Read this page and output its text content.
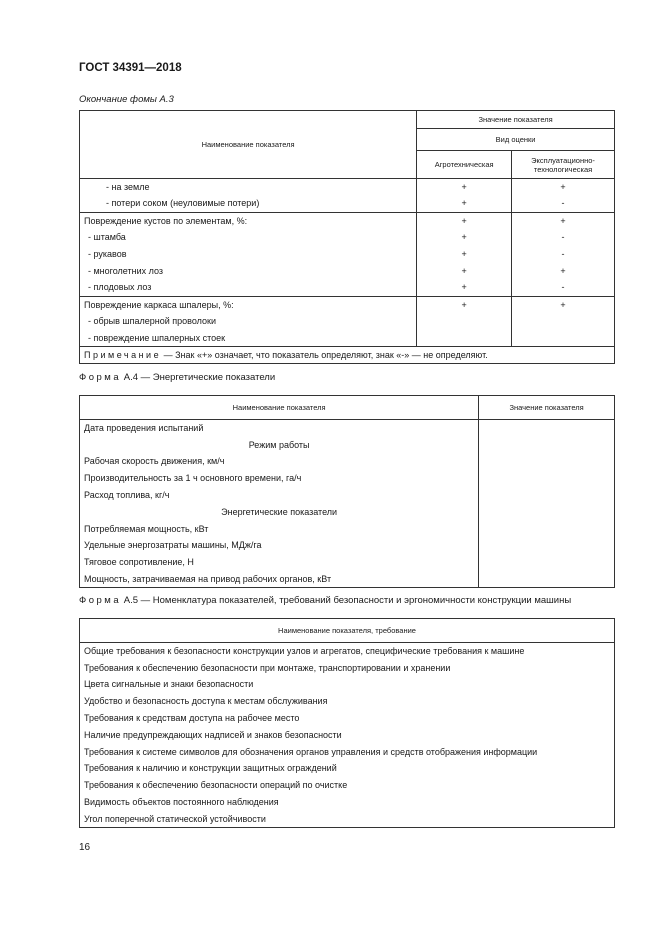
ГОСТ 34391—2018
Окончание фомы А.3
Наименование показателя	Значение показателя	
	Вид оценки	
	Агротехническая	Эксплуатационно-
технологическая

- на земле	+	+
- потери соком (неуловимые потери)	+	-
Повреждение кустов по элементам, %:	+	+
- штамба	+	-
- рукавов	+	-
- многолетних лоз	+	+
- плодовых лоз	+	-
Повреждение каркаса шпалеры, %:	+	+
- обрыв шпалерной проволоки		
- повреждение шпалерных стоек		
Примечание — Знак «+» означает, что показатель определяют, знак «-» — не определяют.		
Форма А.4 — Энергетические показатели
Наименование показателя	Значение показателя
Дата проведения испытаний	
Режим работы	
Рабочая скорость движения, км/ч	
Производительность за 1 ч основного времени, га/ч	
Расход топлива, кг/ч	
Энергетические показатели	
Потребляемая мощность, кВт	
Удельные энергозатраты машины, МДж/га	
Тяговое сопротивление, Н	
Мощность, затрачиваемая на привод рабочих органов, кВт	
Форма А.5 — Номенклатура показателей, требований безопасности и эргономичности конструкции машины
Наименование показателя, требование
Общие требования к безопасности конструкции узлов и агрегатов, специфические требования к машине
Требования к обеспечению безопасности при монтаже, транспортировании и хранении
Цвета сигнальные и знаки безопасности
Удобство и безопасность доступа к местам обслуживания
Требования к средствам доступа на рабочее место
Наличие предупреждающих надписей и знаков безопасности
Требования к системе символов для обозначения органов управления и средств отображения информации
Требования к наличию и конструкции защитных ограждений
Требования к обеспечению безопасности операций по очистке
Видимость объектов постоянного наблюдения
Угол поперечной статической устойчивости
16
